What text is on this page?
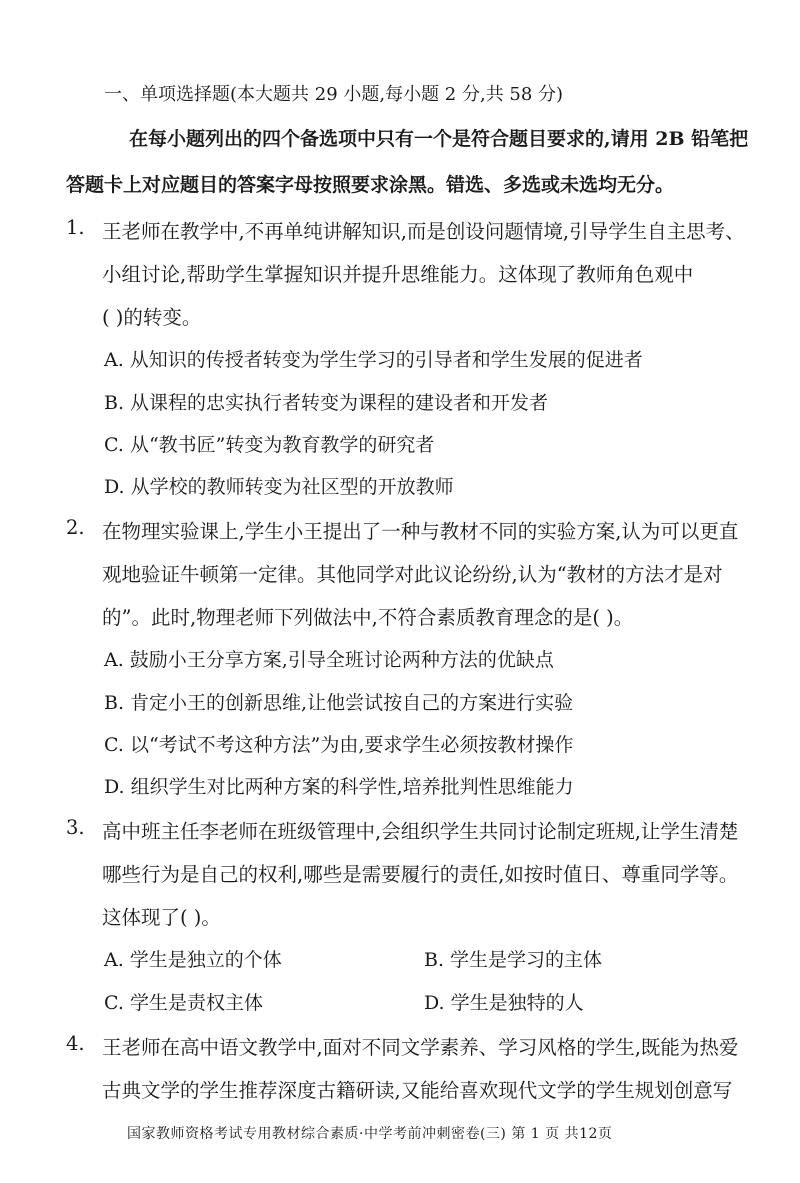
一、单项选择题(本大题共 29 小题,每小题 2 分,共 58 分)
在每小题列出的四个备选项中只有一个是符合题目要求的,请用 2B 铅笔把
答题卡上对应题目的答案字母按照要求涂黑。错选、多选或未选均无分。
1. 王老师在教学中,不再单纯讲解知识,而是创设问题情境,引导学生自主思考、
小组讨论,帮助学生掌握知识并提升思维能力。这体现了教师角色观中
( )的转变。
A. 从知识的传授者转变为学生学习的引导者和学生发展的促进者
B. 从课程的忠实执行者转变为课程的建设者和开发者
C. 从“教书匠”转变为教育教学的研究者
D. 从学校的教师转变为社区型的开放教师
2. 在物理实验课上,学生小王提出了一种与教材不同的实验方案,认为可以更直
观地验证牛顿第一定律。其他同学对此议论纷纷,认为“教材的方法才是对
的”。此时,物理老师下列做法中,不符合素质教育理念的是( )。
A. 鼓励小王分享方案,引导全班讨论两种方法的优缺点
B. 肯定小王的创新思维,让他尝试按自己的方案进行实验
C. 以“考试不考这种方法”为由,要求学生必须按教材操作
D. 组织学生对比两种方案的科学性,培养批判性思维能力
3. 高中班主任李老师在班级管理中,会组织学生共同讨论制定班规,让学生清楚
哪些行为是自己的权利,哪些是需要履行的责任,如按时值日、尊重同学等。
这体现了( )。
A. 学生是独立的个体	B. 学生是学习的主体
C. 学生是责权主体	D. 学生是独特的人
4. 王老师在高中语文教学中,面对不同文学素养、学习风格的学生,既能为热爱
古典文学的学生推荐深度古籍研读,又能给喜欢现代文学的学生规划创意写
国家教师资格考试专用教材综合素质·中学考前冲刺密卷(三) 第 1 页 共12页
